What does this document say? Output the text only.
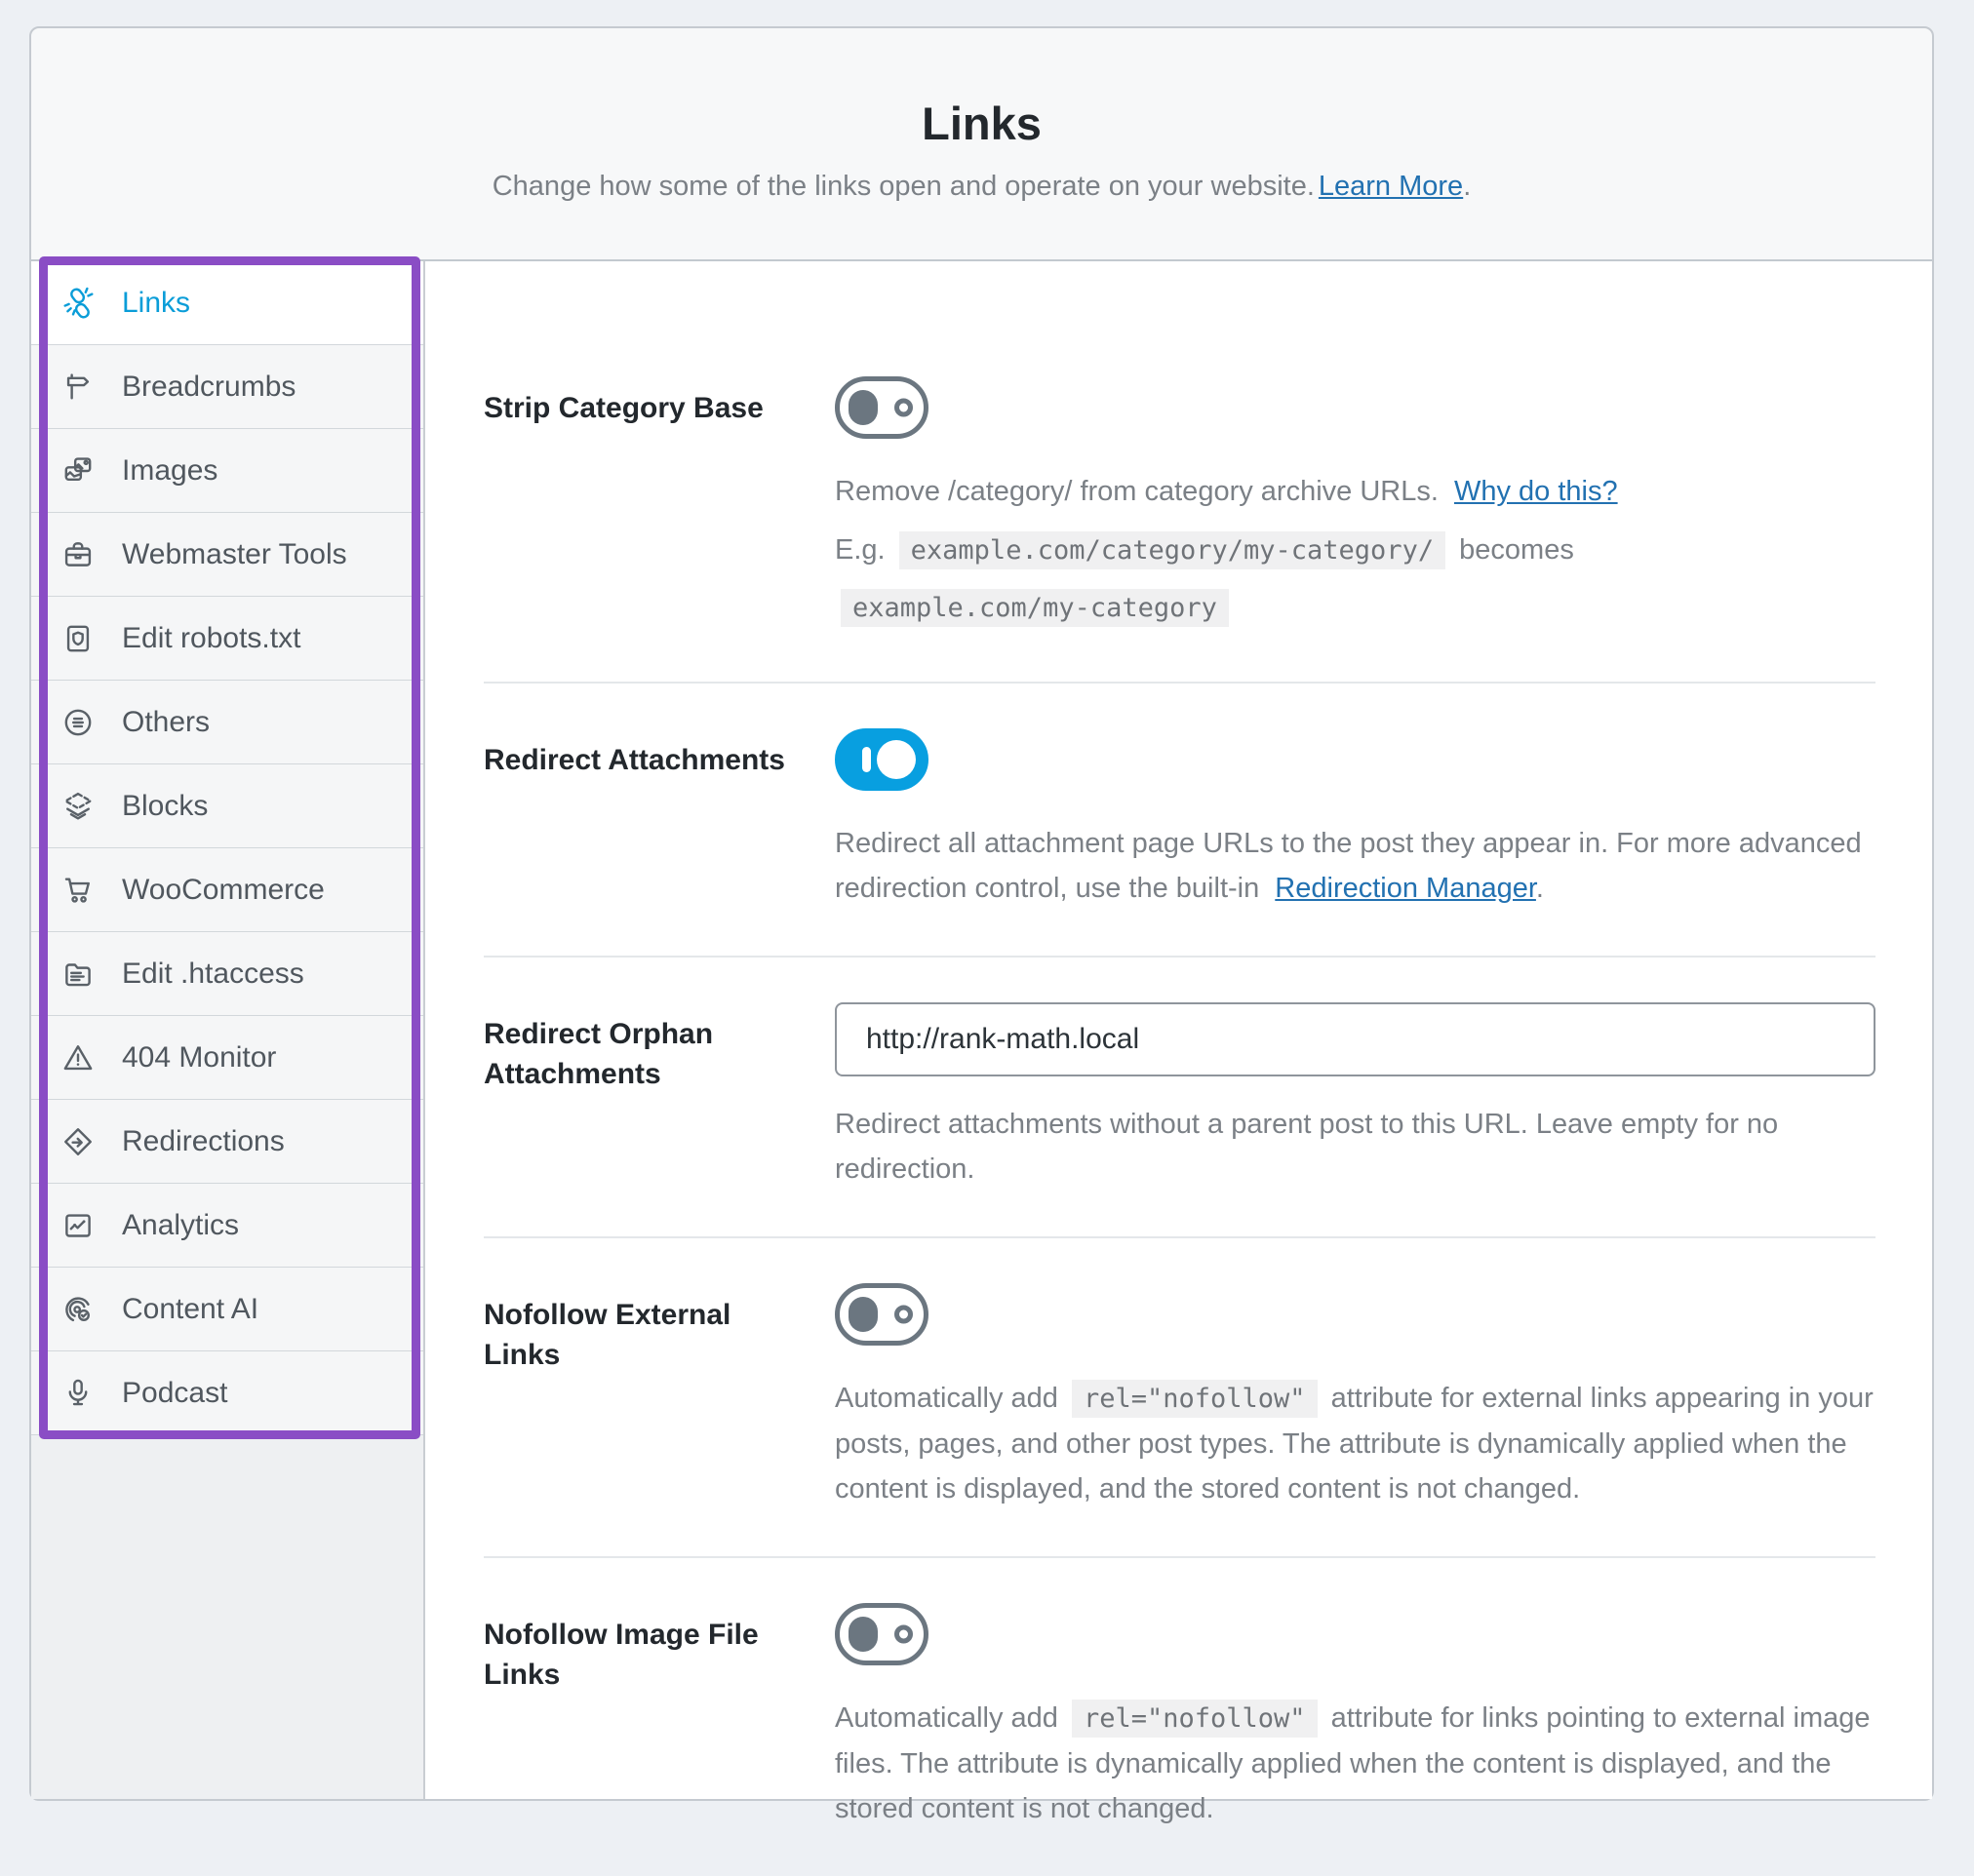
Links
Change how some of the links open and operate on your website. Learn More.
Links
Breadcrumbs
Images
Webmaster Tools
Edit robots.txt
Others
Blocks
WooCommerce
Edit .htaccess
404 Monitor
Redirections
Analytics
Content AI
Podcast
Strip Category Base
Remove /category/ from category archive URLs. Why do this?
E.g. example.com/category/my-category/ becomes example.com/my-category
Redirect Attachments
Redirect all attachment page URLs to the post they appear in. For more advanced redirection control, use the built-in Redirection Manager.
Redirect Orphan Attachments
http://rank-math.local
Redirect attachments without a parent post to this URL. Leave empty for no redirection.
Nofollow External Links
Automatically add rel="nofollow" attribute for external links appearing in your posts, pages, and other post types. The attribute is dynamically applied when the content is displayed, and the stored content is not changed.
Nofollow Image File Links
Automatically add rel="nofollow" attribute for links pointing to external image files. The attribute is dynamically applied when the content is displayed, and the stored content is not changed.
